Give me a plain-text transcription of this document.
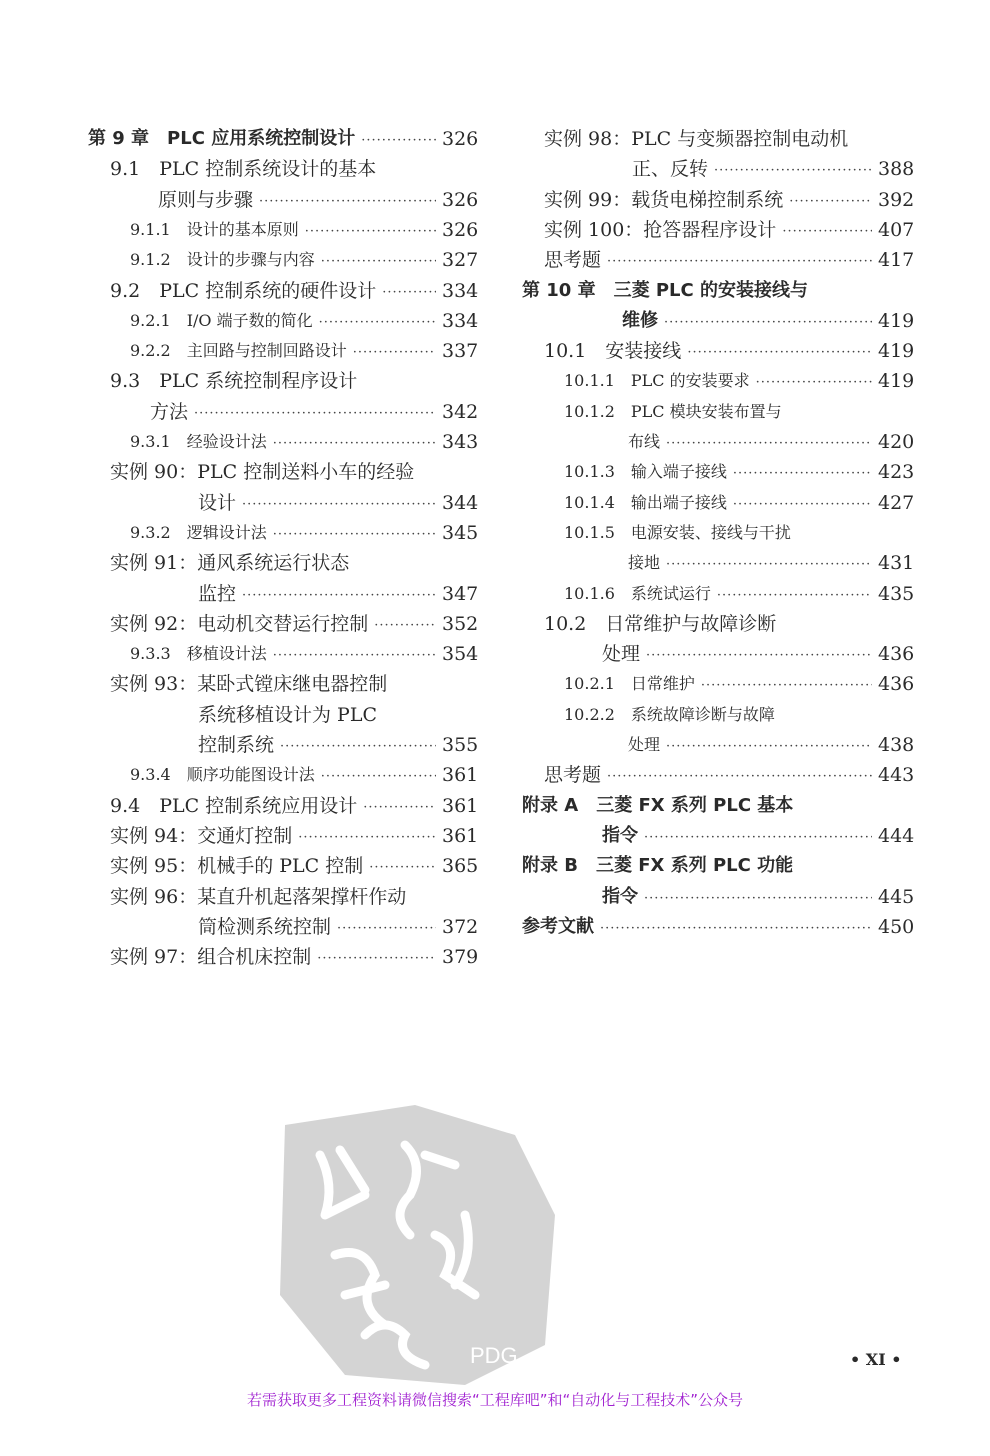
第 9 章　PLC 应用系统控制设计 ·····	326
9.1　PLC 控制系统设计的基本
原则与步骤 ·····	326
9.1.1　设计的基本原则 ·····	326
9.1.2　设计的步骤与内容 ·····	327
9.2　PLC 控制系统的硬件设计 ·····	334
9.2.1　I/O 端子数的简化 ·····	334
9.2.2　主回路与控制回路设计 ·····	337
9.3　PLC 系统控制程序设计
方法 ·····	342
9.3.1　经验设计法 ·····	343
实例 90：PLC 控制送料小车的经验
设计 ·····	344
9.3.2　逻辑设计法 ·····	345
实例 91：通风系统运行状态
监控 ·····	347
实例 92：电动机交替运行控制 ·····	352
9.3.3　移植设计法 ·····	354
实例 93：某卧式镗床继电器控制
系统移植设计为 PLC
控制系统 ·····	355
9.3.4　顺序功能图设计法 ·····	361
9.4　PLC 控制系统应用设计 ·····	361
实例 94：交通灯控制 ·····	361
实例 95：机械手的 PLC 控制 ·····	365
实例 96：某直升机起落架撑杆作动
筒检测系统控制 ·····	372
实例 97：组合机床控制 ·····	379
实例 98：PLC 与变频器控制电动机
正、反转 ·····	388
实例 99：载货电梯控制系统 ·····	392
实例 100：抢答器程序设计 ·····	407
思考题 ·····	417
第 10 章　三菱 PLC 的安装接线与
维修 ·····	419
10.1　安装接线 ·····	419
10.1.1　PLC 的安装要求 ·····	419
10.1.2　PLC 模块安装布置与
布线 ·····	420
10.1.3　输入端子接线 ·····	423
10.1.4　输出端子接线 ·····	427
10.1.5　电源安装、接线与干扰
接地 ·····	431
10.1.6　系统试运行 ·····	435
10.2　日常维护与故障诊断
处理 ·····	436
10.2.1　日常维护 ·····	436
10.2.2　系统故障诊断与故障
处理 ·····	438
思考题 ·····	443
附录 A　三菱 FX 系列 PLC 基本
指令 ·····	444
附录 B　三菱 FX 系列 PLC 功能
指令 ·····	445
参考文献 ·····	450
PDG	• XI •
若需获取更多工程资料请微信搜索“工程库吧”和“自动化与工程技术”公众号
